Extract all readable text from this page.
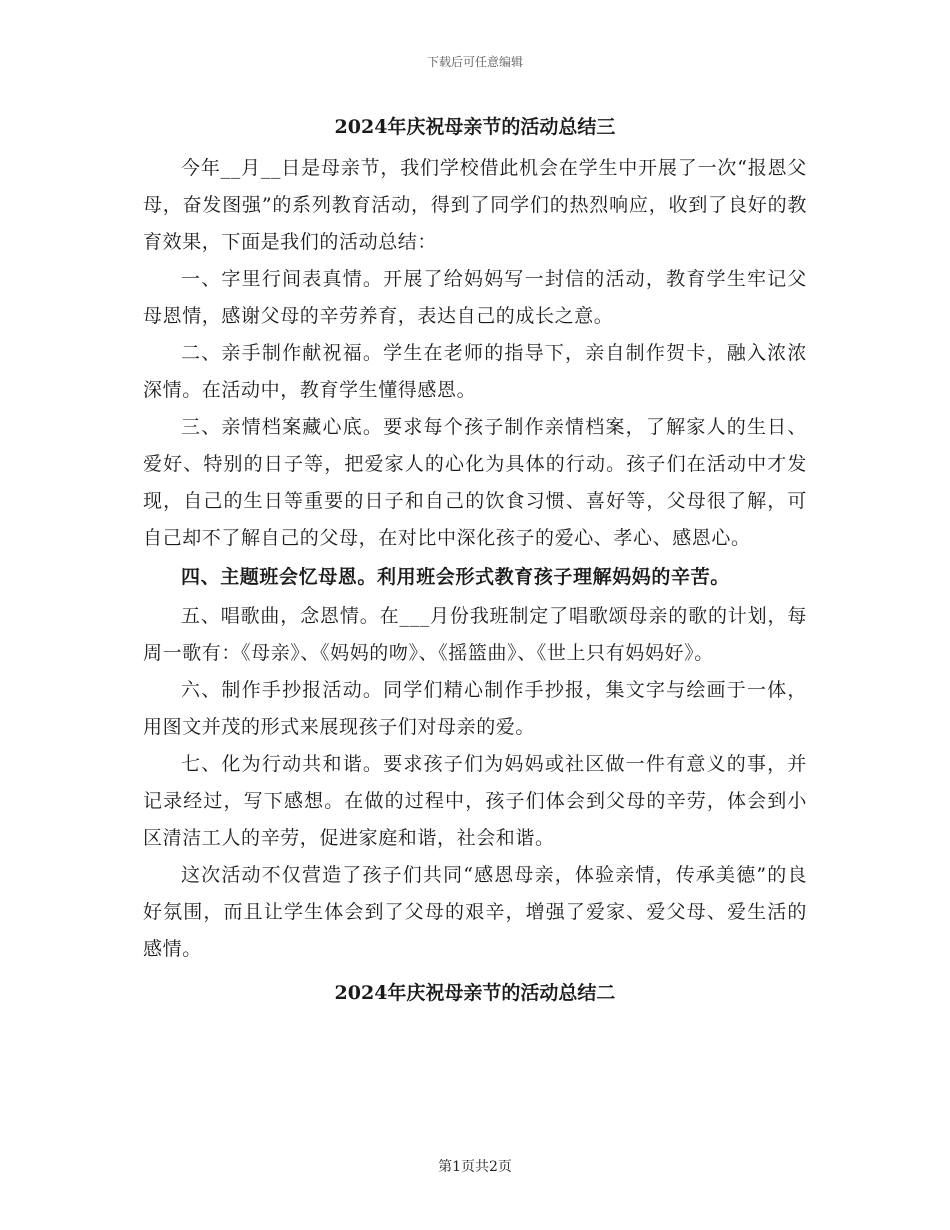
下载后可任意编辑
2024年庆祝母亲节的活动总结三

今年__月__日是母亲节，我们学校借此机会在学生中开展了一次“报恩父母，奋发图强”的系列教育活动，得到了同学们的热烈响应，收到了良好的教育效果，下面是我们的活动总结：

一、字里行间表真情。开展了给妈妈写一封信的活动，教育学生牢记父母恩情，感谢父母的辛劳养育，表达自己的成长之意。

二、亲手制作献祝福。学生在老师的指导下，亲自制作贺卡，融入浓浓深情。在活动中，教育学生懂得感恩。

三、亲情档案藏心底。要求每个孩子制作亲情档案，了解家人的生日、爱好、特别的日子等，把爱家人的心化为具体的行动。孩子们在活动中才发现，自己的生日等重要的日子和自己的饮食习惯、喜好等，父母很了解，可自己却不了解自己的父母，在对比中深化孩子的爱心、孝心、感恩心。

四、主题班会忆母恩。利用班会形式教育孩子理解妈妈的辛苦。

五、唱歌曲，念恩情。在___月份我班制定了唱歌颂母亲的歌的计划，每周一歌有：《母亲》、《妈妈的吻》、《摇篮曲》、《世上只有妈妈好》。

六、制作手抄报活动。同学们精心制作手抄报，集文字与绘画于一体，用图文并茂的形式来展现孩子们对母亲的爱。

七、化为行动共和谐。要求孩子们为妈妈或社区做一件有意义的事，并记录经过，写下感想。在做的过程中，孩子们体会到父母的辛劳，体会到小区清洁工人的辛劳，促进家庭和谐，社会和谐。

这次活动不仅营造了孩子们共同“感恩母亲，体验亲情，传承美德”的良好氛围，而且让学生体会到了父母的艰辛，增强了爱家、爱父母、爱生活的感情。

2024年庆祝母亲节的活动总结二
第1页共2页
